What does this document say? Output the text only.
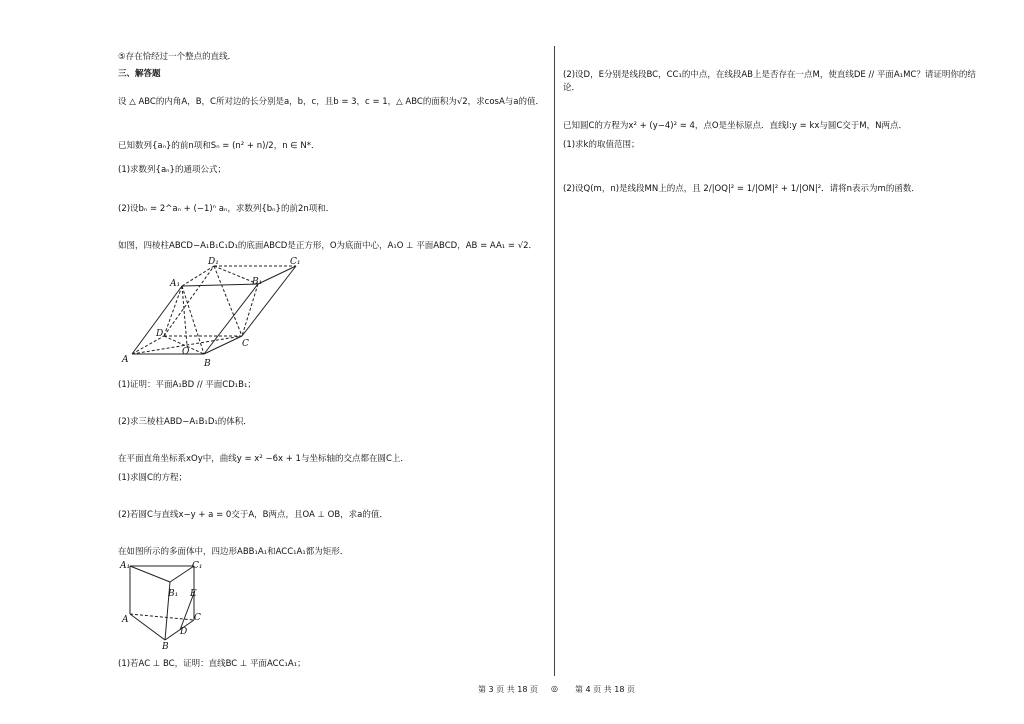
⑤存在恰经过一个整点的直线．
三、解答题
设 △ ABC的内角A，B，C所对边的长分别是a，b，c，且b = 3，c = 1，△ ABC的面积为√2，求cosA与a的值．
已知数列{aₙ}的前n项和Sₙ = (n² + n)/2，n ∈ N*．
(1)求数列{aₙ}的通项公式；
(2)设bₙ = 2^aₙ + (−1)ⁿ aₙ，求数列{bₙ}的前2n项和．
如图，四棱柱ABCD−A₁B₁C₁D₁的底面ABCD是正方形，O为底面中心，A₁O ⊥ 平面ABCD，AB = AA₁ = √2．
D₁	C₁
A₁	B₁
D
C
A
O
B
(1)证明：平面A₁BD // 平面CD₁B₁；
(2)求三棱柱ABD−A₁B₁D₁的体积．
在平面直角坐标系xOy中，曲线y = x² −6x + 1与坐标轴的交点都在圆C上．
(1)求圆C的方程；
(2)若圆C与直线x−y + a = 0交于A，B两点，且OA ⊥ OB，求a的值．
在如图所示的多面体中，四边形ABB₁A₁和ACC₁A₁都为矩形．
A₁	C₁
B₁ E
A	C
D
B
(1)若AC ⊥ BC，证明：直线BC ⊥ 平面ACC₁A₁；
(2)设D，E分别是线段BC，CC₁的中点，在线段AB上是否存在一点M，使直线DE // 平面A₁MC？请证明你的结
论．
已知圆C的方程为x² + (y−4)² = 4，点O是坐标原点．直线l:y = kx与圆C交于M，N两点．
(1)求k的取值范围；
(2)设Q(m，n)是线段MN上的点，且 2/|OQ|² = 1/|OM|² + 1/|ON|²．请将n表示为m的函数．
第 3 页 共 18 页 ◎ 第 4 页 共 18 页
